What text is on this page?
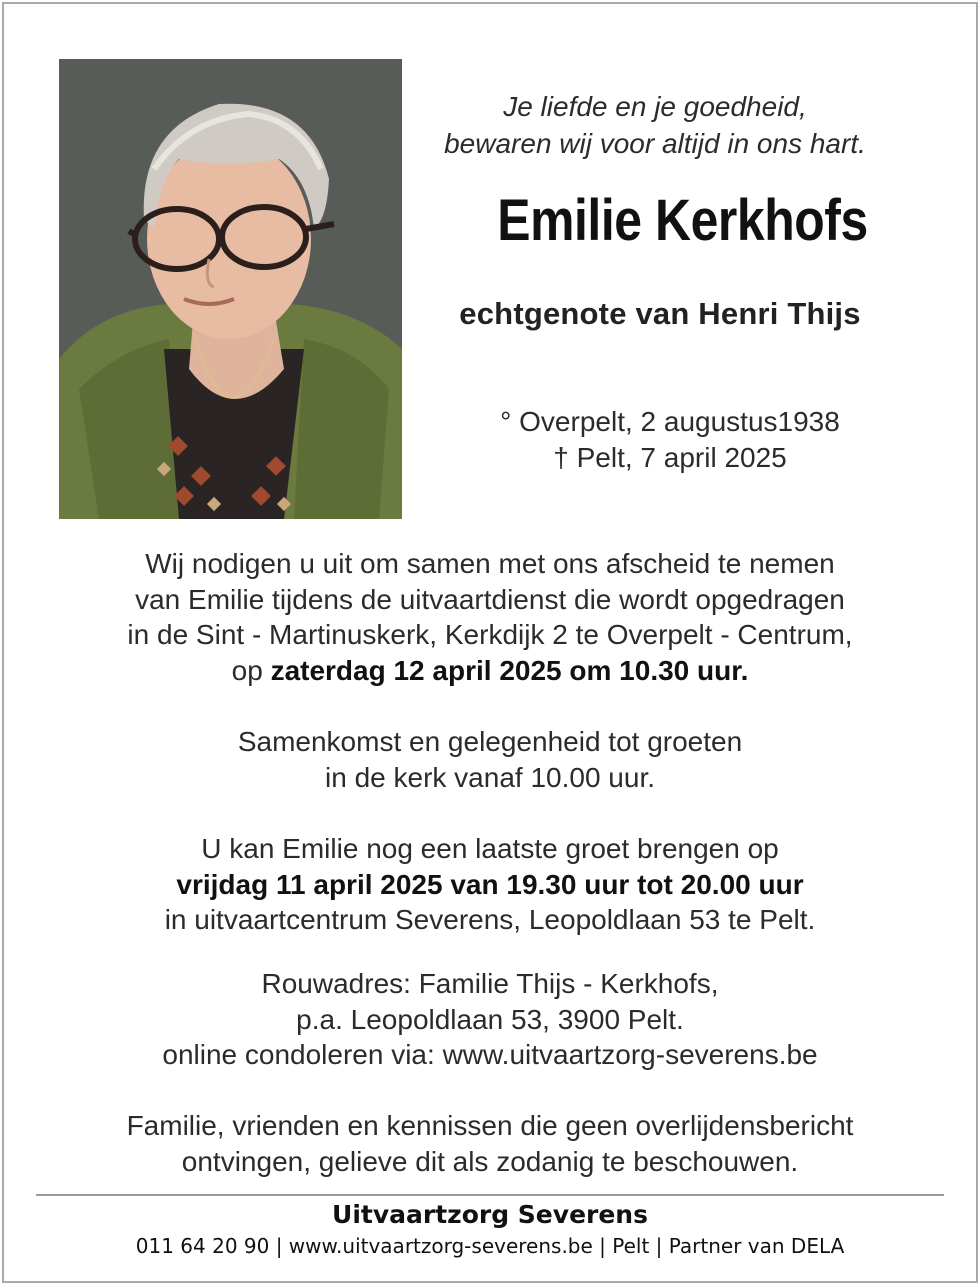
Je liefde en je goedheid,
bewaren wij voor altijd in ons hart.
Emilie Kerkhofs
echtgenote van Henri Thijs
° Overpelt, 2 augustus1938
† Pelt, 7 april 2025
Wij nodigen u uit om samen met ons afscheid te nemen
van Emilie tijdens de uitvaartdienst die wordt opgedragen
in de Sint - Martinuskerk, Kerkdijk 2 te Overpelt - Centrum,
op zaterdag 12 april 2025 om 10.30 uur.
Samenkomst en gelegenheid tot groeten
in de kerk vanaf 10.00 uur.
U kan Emilie nog een laatste groet brengen op
vrijdag 11 april 2025 van 19.30 uur tot 20.00 uur
in uitvaartcentrum Severens, Leopoldlaan 53 te Pelt.
Rouwadres: Familie Thijs - Kerkhofs,
p.a. Leopoldlaan 53, 3900 Pelt.
online condoleren via: www.uitvaartzorg-severens.be
Familie, vrienden en kennissen die geen overlijdensbericht
ontvingen, gelieve dit als zodanig te beschouwen.
Uitvaartzorg Severens
011 64 20 90 | www.uitvaartzorg-severens.be | Pelt | Partner van DELA
